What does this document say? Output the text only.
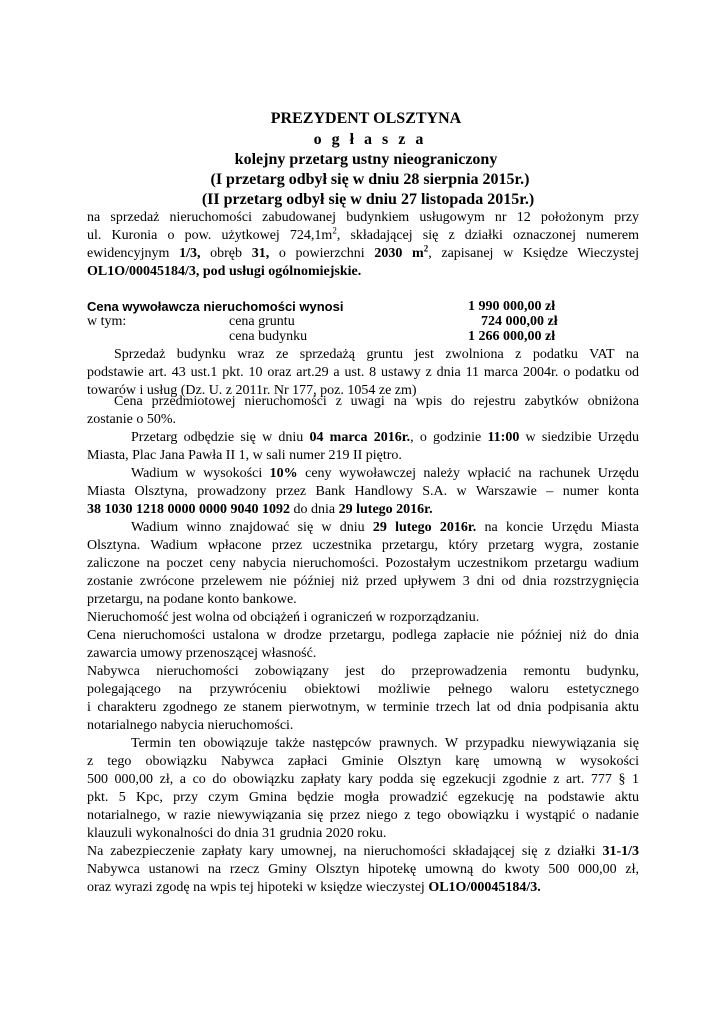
PREZYDENT OLSZTYNA
o g ł a s z a
kolejny przetarg ustny nieograniczony
(I przetarg odbył się w dniu 28 sierpnia 2015r.)
(II przetarg odbył się w dniu 27 listopada 2015r.)
na sprzedaż nieruchomości zabudowanej budynkiem usługowym nr 12 położonym przy
ul. Kuronia o pow. użytkowej $724,1m^2$, składającej się z działki oznaczonej numerem
ewidencyjnym 1/3, obręb 31, o powierzchni 2030 $m^2$, zapisanej w Księdze Wieczystej
OL1O/00045184/3, pod usługi ogólnomiejskie.
Cena wywoławcza nieruchomości wynosi	1 990 000,00 zł
w tym:	cena gruntu	724 000,00 zł
cena budynku	1 266 000,00 zł
Sprzedaż budynku wraz ze sprzedażą gruntu jest zwolniona z podatku VAT na
podstawie art. 43 ust.1 pkt. 10 oraz art.29 a ust. 8 ustawy z dnia 11 marca 2004r. o podatku od
towarów i usług (Dz. U. z 2011r. Nr 177, poz. 1054 ze zm)
Cena przedmiotowej nieruchomości z uwagi na wpis do rejestru zabytków obniżona
zostanie o 50%.
Przetarg odbędzie się w dniu 04 marca 2016r., o godzinie 11:00 w siedzibie Urzędu
Miasta, Plac Jana Pawła II 1, w sali numer 219 II piętro.
Wadium w wysokości 10% ceny wywoławczej należy wpłacić na rachunek Urzędu
Miasta Olsztyna, prowadzony przez Bank Handlowy S.A. w Warszawie – numer konta
38 1030 1218 0000 0000 9040 1092 do dnia 29 lutego 2016r.
Wadium winno znajdować się w dniu 29 lutego 2016r. na koncie Urzędu Miasta
Olsztyna. Wadium wpłacone przez uczestnika przetargu, który przetarg wygra, zostanie
zaliczone na poczet ceny nabycia nieruchomości. Pozostałym uczestnikom przetargu wadium
zostanie zwrócone przelewem nie później niż przed upływem 3 dni od dnia rozstrzygnięcia
przetargu, na podane konto bankowe.
Nieruchomość jest wolna od obciążeń i ograniczeń w rozporządzaniu.
Cena nieruchomości ustalona w drodze przetargu, podlega zapłacie nie później niż do dnia
zawarcia umowy przenoszącej własność.
Nabywca nieruchomości zobowiązany jest do przeprowadzenia remontu budynku,
polegającego na przywróceniu obiektowi możliwie pełnego waloru estetycznego
i charakteru zgodnego ze stanem pierwotnym, w terminie trzech lat od dnia podpisania aktu
notarialnego nabycia nieruchomości.
Termin ten obowiązuje także następców prawnych. W przypadku niewywiązania się
z tego obowiązku Nabywca zapłaci Gminie Olsztyn karę umowną w wysokości
500 000,00 zł, a co do obowiązku zapłaty kary podda się egzekucji zgodnie z art. 777 § 1
pkt. 5 Kpc, przy czym Gmina będzie mogła prowadzić egzekucję na podstawie aktu
notarialnego, w razie niewywiązania się przez niego z tego obowiązku i wystąpić o nadanie
klauzuli wykonalności do dnia 31 grudnia 2020 roku.
Na zabezpieczenie zapłaty kary umownej, na nieruchomości składającej się z działki 31-1/3
Nabywca ustanowi na rzecz Gminy Olsztyn hipotekę umowną do kwoty 500 000,00 zł,
oraz wyrazi zgodę na wpis tej hipoteki w księdze wieczystej OL1O/00045184/3.
